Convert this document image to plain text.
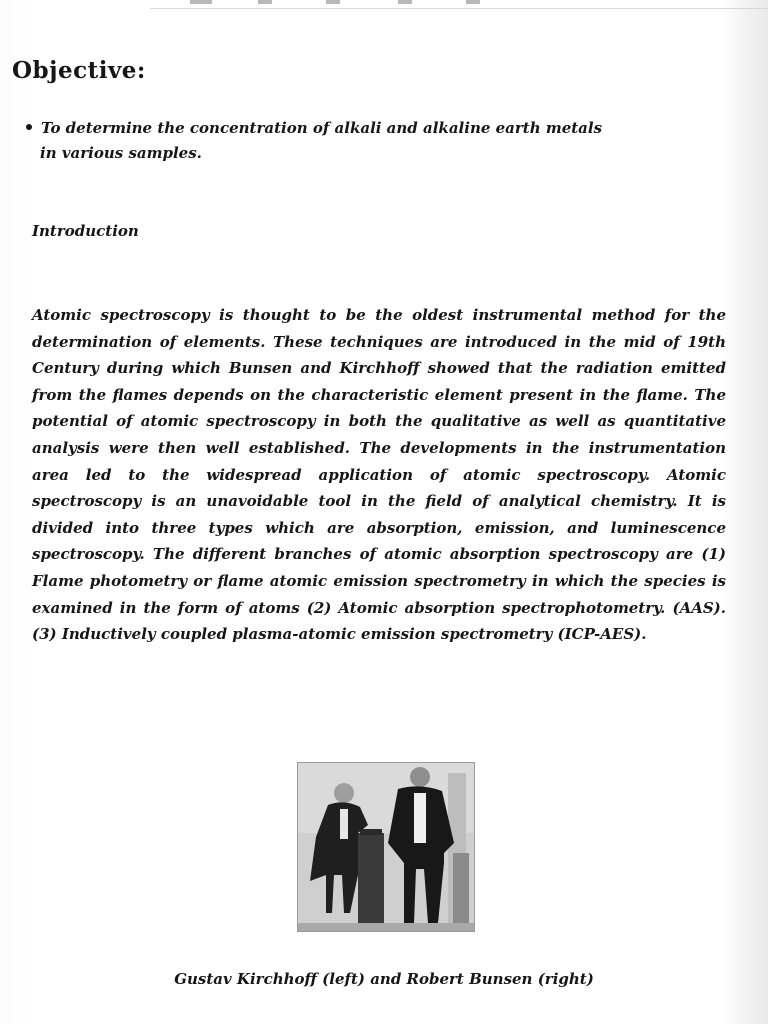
Objective:
To determine the concentration of alkali and alkaline earth metals
in various samples.
Introduction
Atomic spectroscopy is thought to be the oldest instrumental method for the determination of elements. These techniques are introduced in the mid of 19th Century during which Bunsen and Kirchhoff showed that the radiation emitted from the flames depends on the characteristic element present in the flame. The potential of atomic spectroscopy in both the qualitative as well as quantitative analysis were then well established. The developments in the instrumentation area led to the widespread application of atomic spectroscopy. Atomic spectroscopy is an unavoidable tool in the field of analytical chemistry. It is divided into three types which are absorption, emission, and luminescence spectroscopy. The different branches of atomic absorption spectroscopy are (1) Flame photometry or flame atomic emission spectrometry in which the species is examined in the form of atoms (2) Atomic absorption spectrophotometry. (AAS). (3) Inductively coupled plasma-atomic emission spectrometry (ICP-AES).
Gustav Kirchhoff (left) and Robert Bunsen (right)
